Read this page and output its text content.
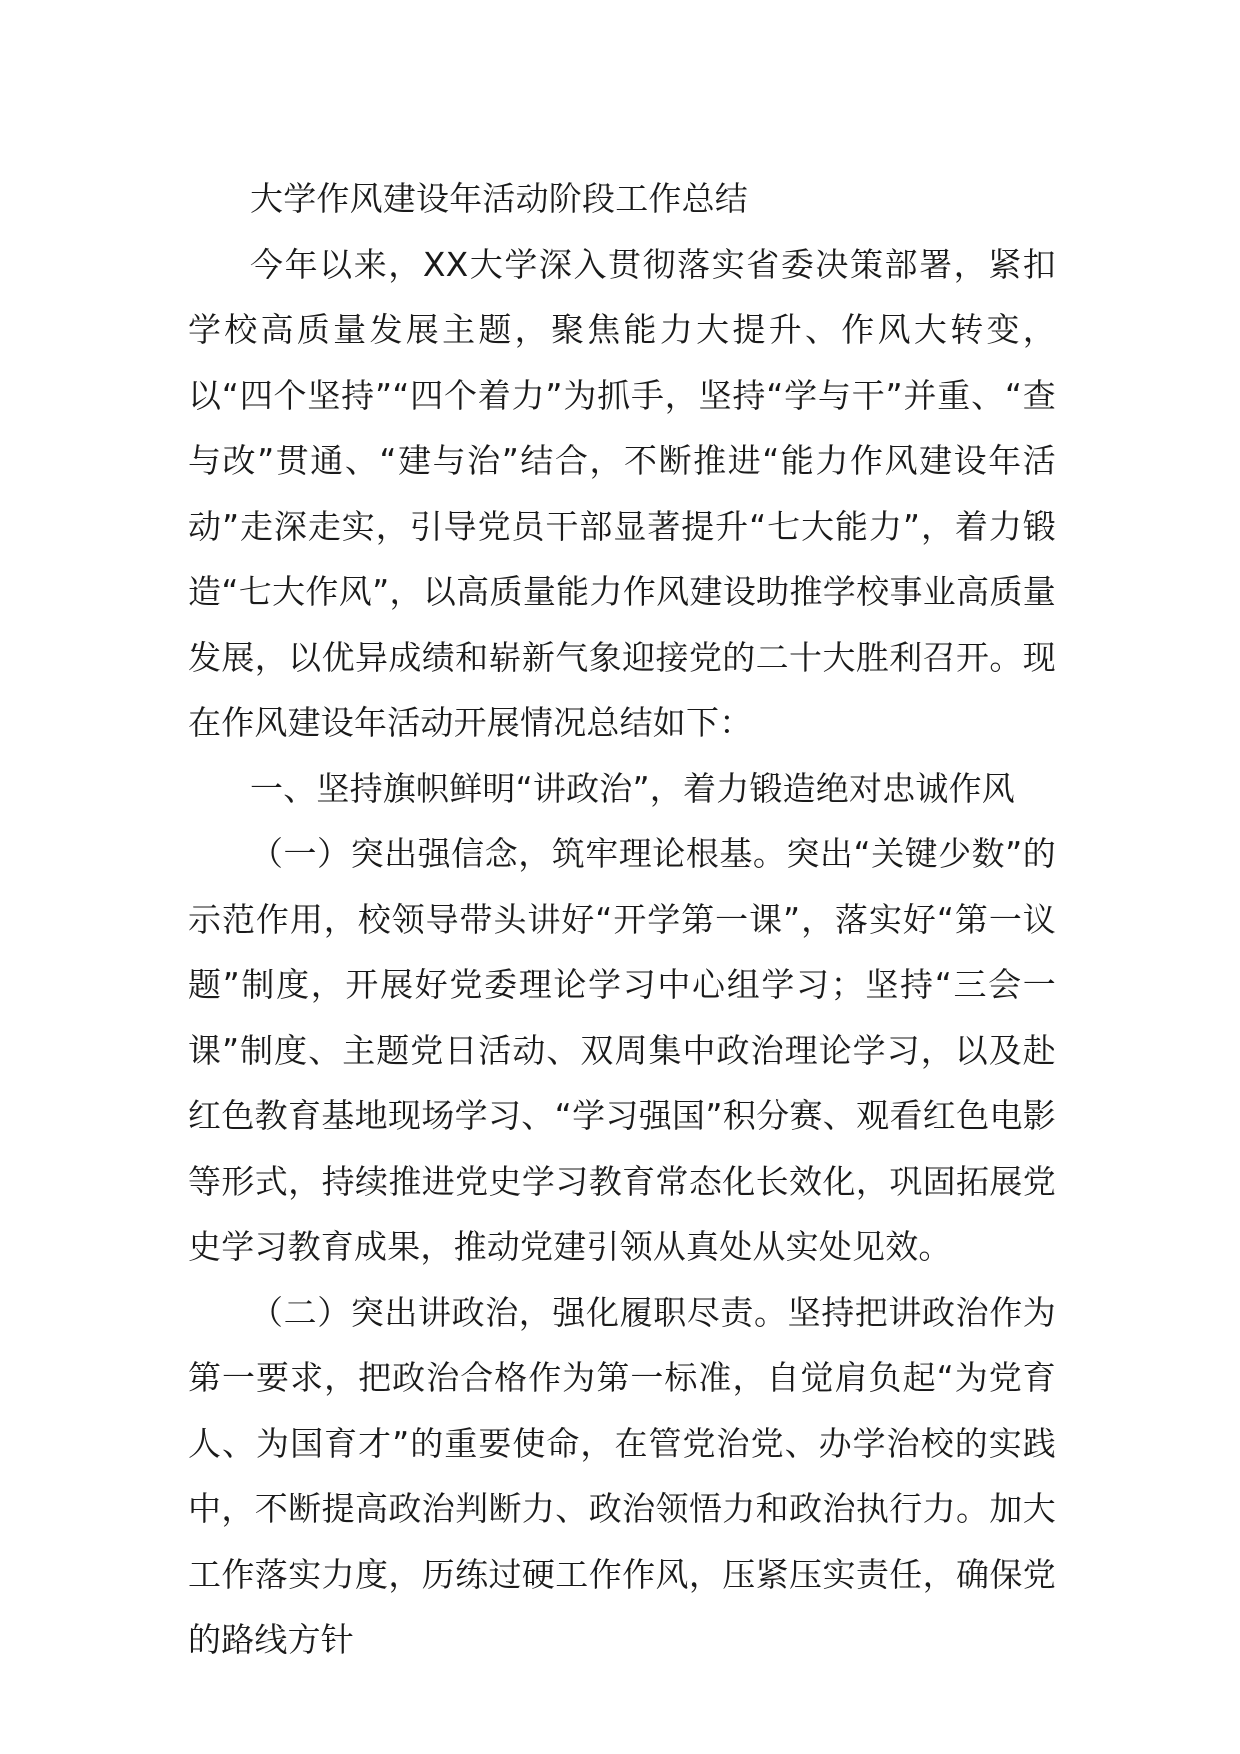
大学作风建设年活动阶段工作总结

今年以来，XX大学深入贯彻落实省委决策部署，紧扣学校高质量发展主题，聚焦能力大提升、作风大转变，以“四个坚持”“四个着力”为抓手，坚持“学与干”并重、“查与改”贯通、“建与治”结合，不断推进“能力作风建设年活动”走深走实，引导党员干部显著提升“七大能力”，着力锻造“七大作风”，以高质量能力作风建设助推学校事业高质量发展，以优异成绩和崭新气象迎接党的二十大胜利召开。现在作风建设年活动开展情况总结如下：

一、坚持旗帜鲜明“讲政治”，着力锻造绝对忠诚作风

（一）突出强信念，筑牢理论根基。突出“关键少数”的示范作用，校领导带头讲好“开学第一课”，落实好“第一议题”制度，开展好党委理论学习中心组学习；坚持“三会一课”制度、主题党日活动、双周集中政治理论学习，以及赴红色教育基地现场学习、“学习强国”积分赛、观看红色电影等形式，持续推进党史学习教育常态化长效化，巩固拓展党史学习教育成果，推动党建引领从真处从实处见效。

（二）突出讲政治，强化履职尽责。坚持把讲政治作为第一要求，把政治合格作为第一标准，自觉肩负起“为党育人、为国育才”的重要使命，在管党治党、办学治校的实践中，不断提高政治判断力、政治领悟力和政治执行力。加大工作落实力度，历练过硬工作作风，压紧压实责任，确保党的路线方针
